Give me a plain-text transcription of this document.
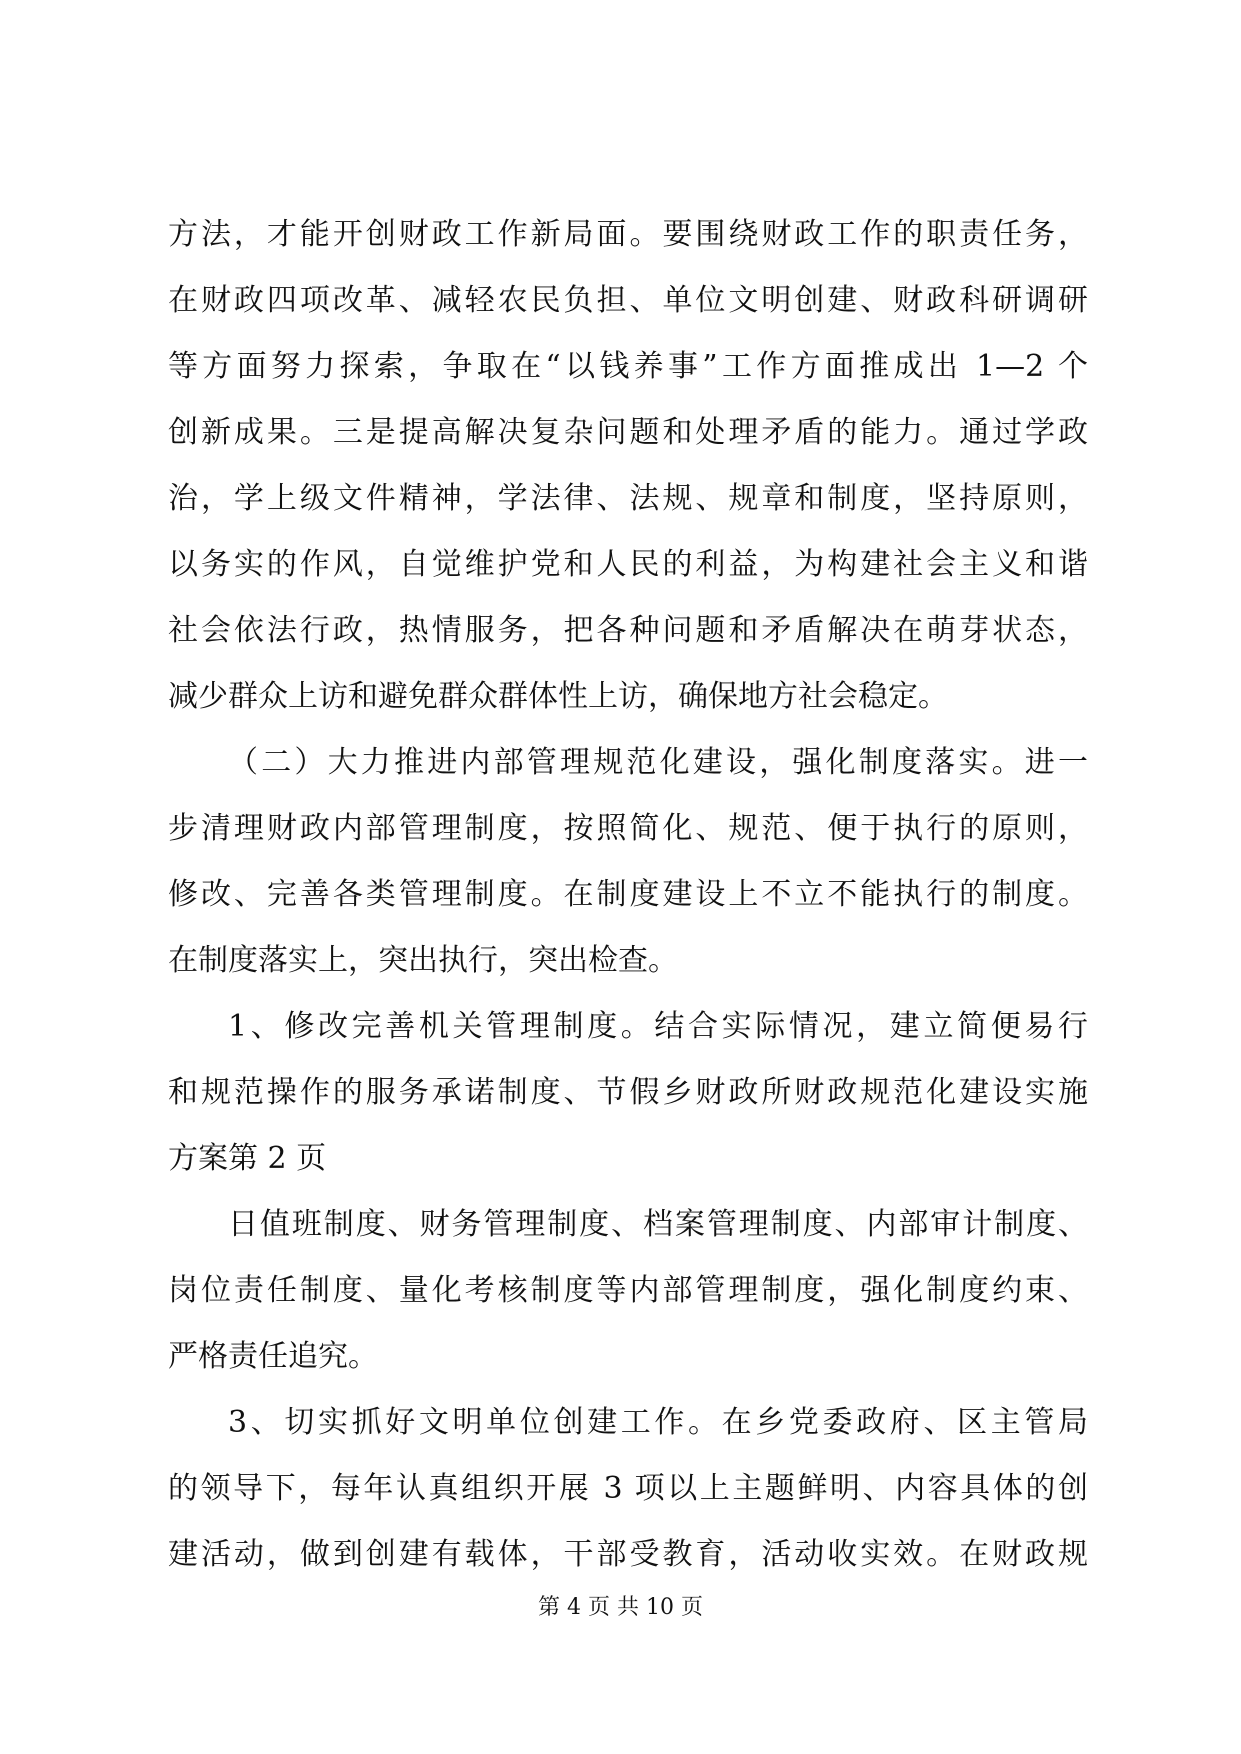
方法，才能开创财政工作新局面。要围绕财政工作的职责任务，
在财政四项改革、减轻农民负担、单位文明创建、财政科研调研
等方面努力探索，争取在“以钱养事”工作方面推成出 1—2 个
创新成果。三是提高解决复杂问题和处理矛盾的能力。通过学政
治，学上级文件精神，学法律、法规、规章和制度，坚持原则，
以务实的作风，自觉维护党和人民的利益，为构建社会主义和谐
社会依法行政，热情服务，把各种问题和矛盾解决在萌芽状态，
减少群众上访和避免群众群体性上访，确保地方社会稳定。
（二）大力推进内部管理规范化建设，强化制度落实。进一
步清理财政内部管理制度，按照简化、规范、便于执行的原则，
修改、完善各类管理制度。在制度建设上不立不能执行的制度。
在制度落实上，突出执行，突出检查。
1、修改完善机关管理制度。结合实际情况，建立简便易行
和规范操作的服务承诺制度、节假乡财政所财政规范化建设实施
方案第 2 页
日值班制度、财务管理制度、档案管理制度、内部审计制度、
岗位责任制度、量化考核制度等内部管理制度，强化制度约束、
严格责任追究。
3、切实抓好文明单位创建工作。在乡党委政府、区主管局
的领导下，每年认真组织开展 3 项以上主题鲜明、内容具体的创
建活动，做到创建有载体，干部受教育，活动收实效。在财政规
第 4 页 共 10 页
